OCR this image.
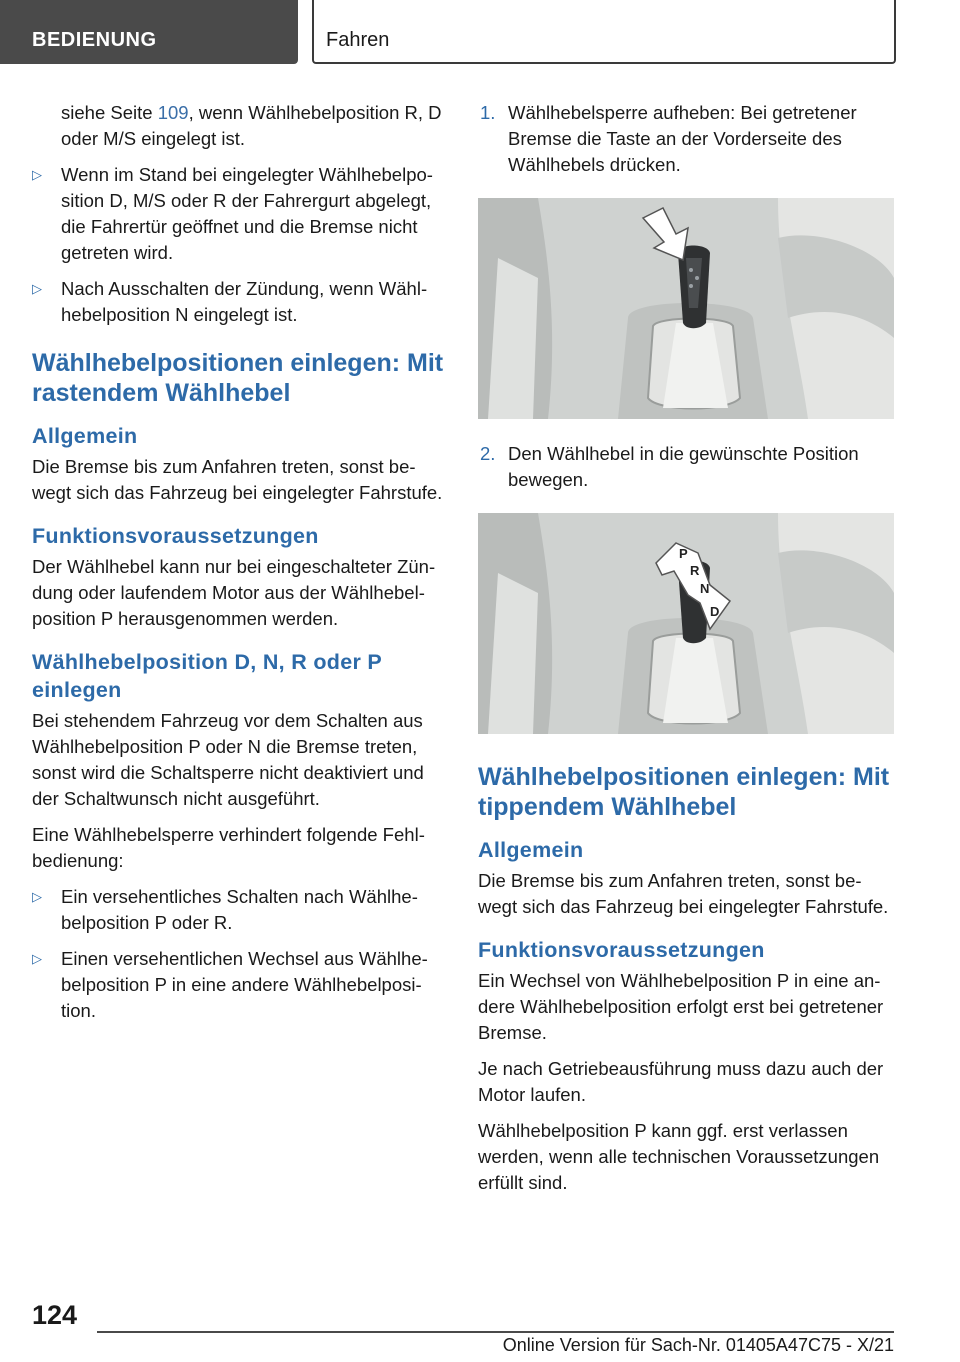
BEDIENUNG	Fahren

siehe Seite 109, wenn Wählhebelposition R, D oder M/S eingelegt ist.

▷ Wenn im Stand bei eingelegter Wählhebelposition D, M/S oder R der Fahrergurt abgelegt, die Fahrertür geöffnet und die Bremse nicht getreten wird.
▷ Nach Ausschalten der Zündung, wenn Wählhebelposition N eingelegt ist.
Wählhebelpositionen einlegen: Mit rastendem Wählhebel
Allgemein

Die Bremse bis zum Anfahren treten, sonst bewegt sich das Fahrzeug bei eingelegter Fahrstufe.

Funktionsvoraussetzungen

Der Wählhebel kann nur bei eingeschalteter Zündung oder laufendem Motor aus der Wählhebelposition P herausgenommen werden.

Wählhebelposition D, N, R oder P einlegen

Bei stehendem Fahrzeug vor dem Schalten aus Wählhebelposition P oder N die Bremse treten, sonst wird die Schaltsperre nicht deaktiviert und der Schaltwunsch nicht ausgeführt.

Eine Wählhebelsperre verhindert folgende Fehlbedienung:

▷ Ein versehentliches Schalten nach Wählhebelposition P oder R.
▷ Einen versehentlichen Wechsel aus Wählhebelposition P in eine andere Wählhebelposition.
1. Wählhebelsperre aufheben: Bei getretener Bremse die Taste an der Vorderseite des Wählhebels drücken.
2. Den Wählhebel in die gewünschte Position bewegen.
P
R
N
D
Wählhebelpositionen einlegen: Mit tippendem Wählhebel
Allgemein

Die Bremse bis zum Anfahren treten, sonst bewegt sich das Fahrzeug bei eingelegter Fahrstufe.

Funktionsvoraussetzungen

Ein Wechsel von Wählhebelposition P in eine andere Wählhebelposition erfolgt erst bei getretener Bremse.

Je nach Getriebeausführung muss dazu auch der Motor laufen.

Wählhebelposition P kann ggf. erst verlassen werden, wenn alle technischen Voraussetzungen erfüllt sind.

124
Online Version für Sach-Nr. 01405A47C75 - X/21
